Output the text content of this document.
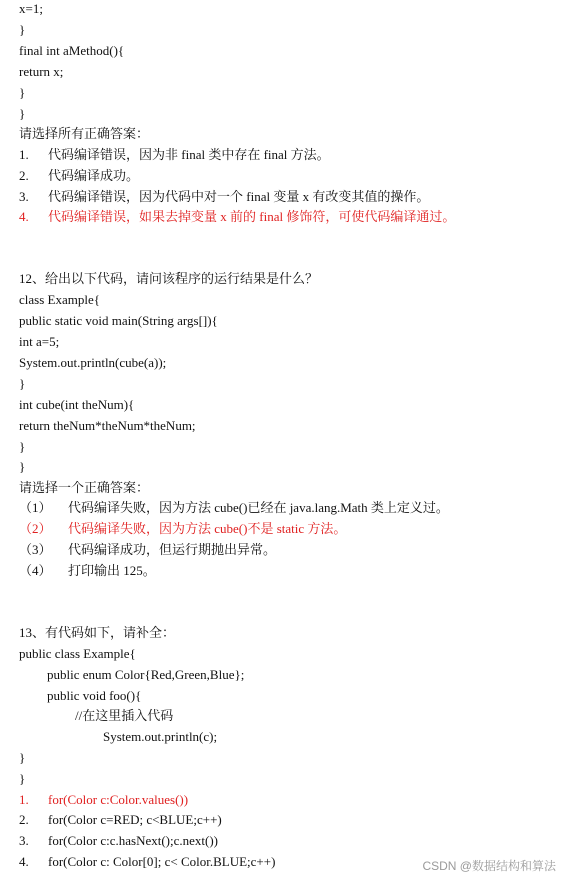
x=1;
}
final int aMethod(){
return x;
}
}
请选择所有正确答案：
1. 代码编译错误，因为非 final 类中存在 final 方法。
2. 代码编译成功。
3. 代码编译错误，因为代码中对一个 final 变量 x 有改变其值的操作。
4. 代码编译错误，如果去掉变量 x 前的 final 修饰符，可使代码编译通过。
12、给出以下代码，请问该程序的运行结果是什么？
class Example{
public static void main(String args[]){
int a=5;
System.out.println(cube(a));
}
int cube(int theNum){
return theNum*theNum*theNum;
}
}
请选择一个正确答案：
（1） 代码编译失败，因为方法 cube()已经在 java.lang.Math 类上定义过。
（2） 代码编译失败，因为方法 cube()不是 static 方法。
（3） 代码编译成功，但运行期抛出异常。
（4） 打印输出 125。
13、有代码如下，请补全：
public class Example{
public enum Color{Red,Green,Blue};
public void foo(){
//在这里插入代码
System.out.println(c);
}
}
1. for(Color c:Color.values())
2. for(Color c=RED; c<BLUE;c++)
3. for(Color c:c.hasNext();c.next())
4. for(Color c: Color[0]; c< Color.BLUE;c++)	CSDN @数据结构和算法
